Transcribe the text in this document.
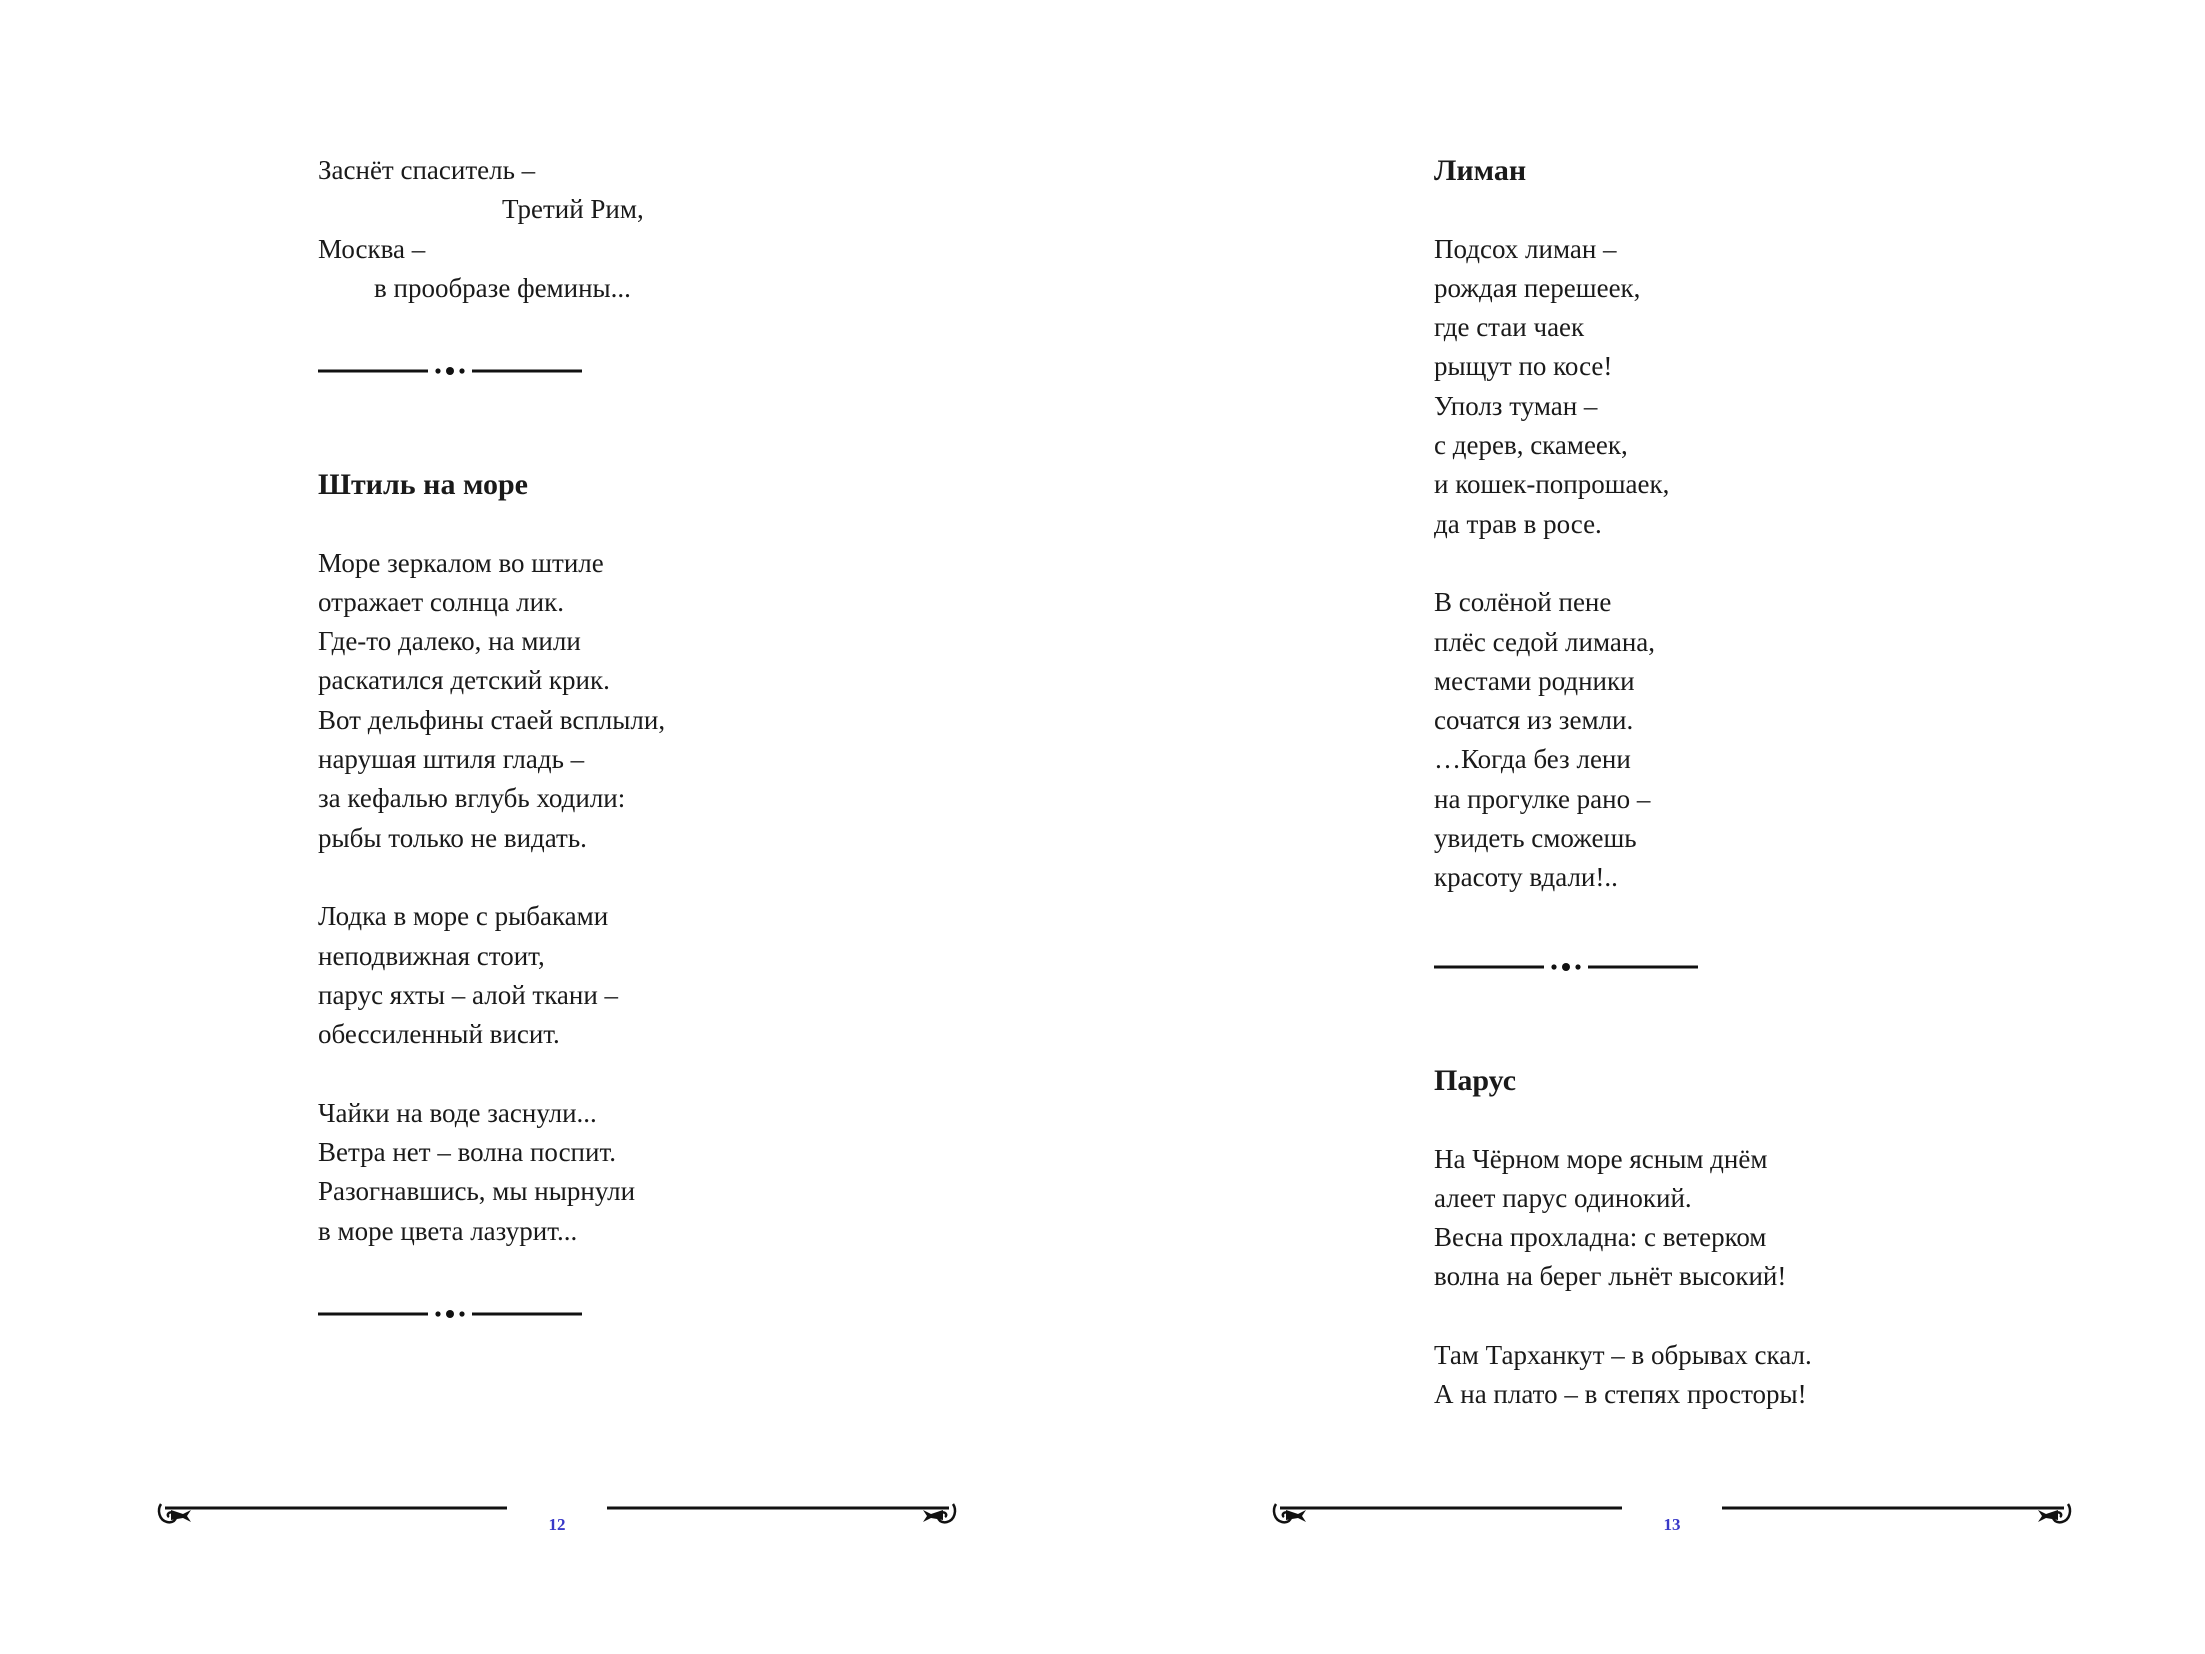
Заснёт спаситель –
Третий Рим,
Москва –
в прообразе фемины...
Штиль на море
Море зеркалом во штиле
отражает солнца лик.
Где-то далеко, на мили
раскатился детский крик.
Вот дельфины стаей всплыли,
нарушая штиля гладь –
за кефалью вглубь ходили:
рыбы только не видать.
Лодка в море с рыбаками
неподвижная стоит,
парус яхты – алой ткани –
обессиленный висит.
Чайки на воде заснули...
Ветра нет – волна поспит.
Разогнавшись, мы нырнули
в море цвета лазурит...
12
Лиман
Подсох лиман –
рождая перешеек,
где стаи чаек
рыщут по косе!
Уполз туман –
с дерев, скамеек,
и кошек-попрошаек,
да трав в росе.
В солёной пене
плёс седой лимана,
местами родники
сочатся из земли.
…Когда без лени
на прогулке рано –
увидеть сможешь
красоту вдали!..
Парус
На Чёрном море ясным днём
алеет парус одинокий.
Весна прохладна: с ветерком
волна на берег льнёт высокий!
Там Тарханкут – в обрывах скал.
А на плато – в степях просторы!
13
